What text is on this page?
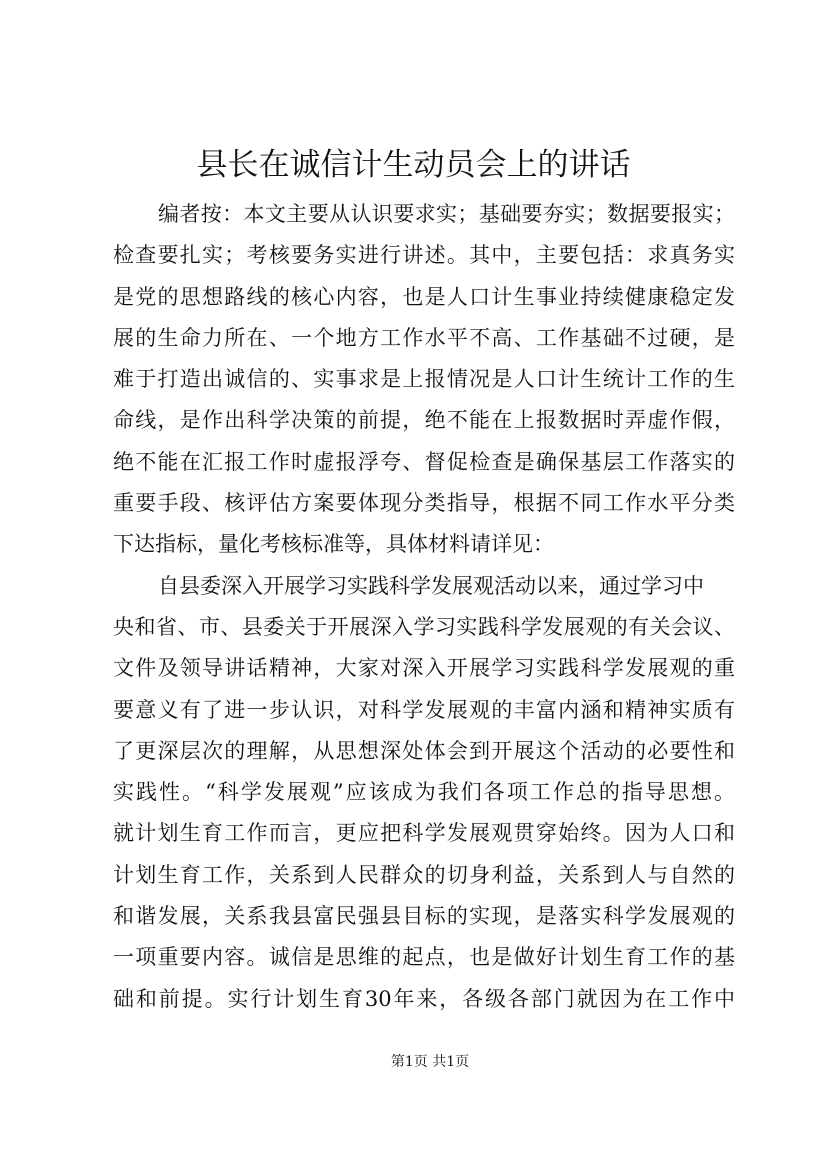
县长在诚信计生动员会上的讲话
编者按：本文主要从认识要求实；基础要夯实；数据要报实；
检查要扎实；考核要务实进行讲述。其中，主要包括：求真务实
是党的思想路线的核心内容，也是人口计生事业持续健康稳定发
展的生命力所在、一个地方工作水平不高、工作基础不过硬，是
难于打造出诚信的、实事求是上报情况是人口计生统计工作的生
命线，是作出科学决策的前提，绝不能在上报数据时弄虚作假，
绝不能在汇报工作时虚报浮夸、督促检查是确保基层工作落实的
重要手段、核评估方案要体现分类指导，根据不同工作水平分类
下达指标，量化考核标准等，具体材料请详见：
自县委深入开展学习实践科学发展观活动以来，通过学习中
央和省、市、县委关于开展深入学习实践科学发展观的有关会议、
文件及领导讲话精神，大家对深入开展学习实践科学发展观的重
要意义有了进一步认识，对科学发展观的丰富内涵和精神实质有
了更深层次的理解，从思想深处体会到开展这个活动的必要性和
实践性。“科学发展观”应该成为我们各项工作总的指导思想。
就计划生育工作而言，更应把科学发展观贯穿始终。因为人口和
计划生育工作，关系到人民群众的切身利益，关系到人与自然的
和谐发展，关系我县富民强县目标的实现，是落实科学发展观的
一项重要内容。诚信是思维的起点，也是做好计划生育工作的基
础和前提。实行计划生育30年来，各级各部门就因为在工作中
第1页 共1页
